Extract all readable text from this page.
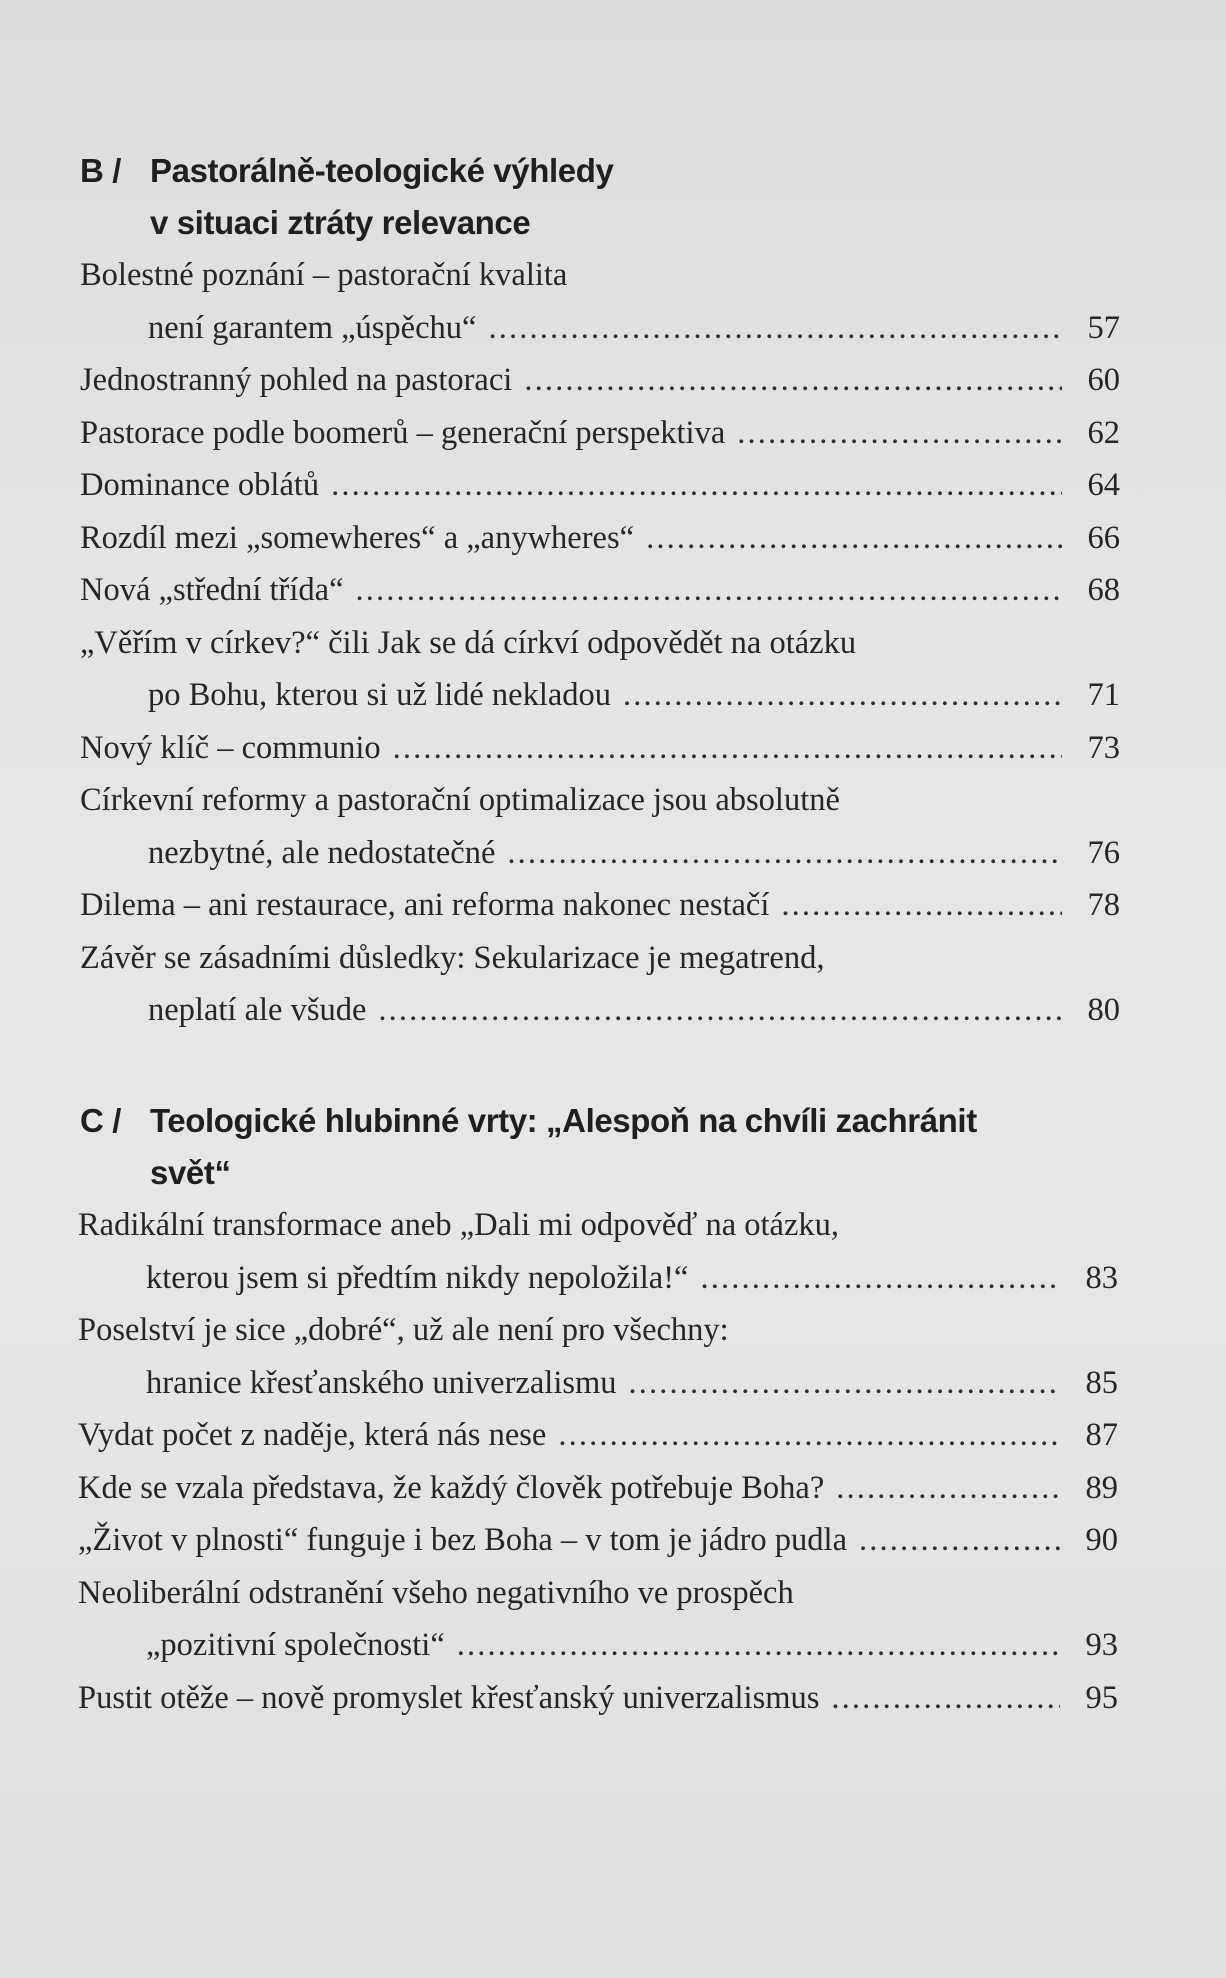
B / Pastorálně-teologické výhledy
v situaci ztráty relevance
Bolestné poznání – pastorační kvalita
není garantem „úspěchu“ . . .	57
Jednostranný pohled na pastoraci . . .	60
Pastorace podle boomerů – generační perspektiva . . .	62
Dominance oblátů . . .	64
Rozdíl mezi „somewheres“ a „anywheres“ . . .	66
Nová „střední třída“ . . .	68
„Věřím v církev?“ čili Jak se dá církví odpovědět na otázku
po Bohu, kterou si už lidé nekladou . . .	71
Nový klíč – communio . . .	73
Církevní reformy a pastorační optimalizace jsou absolutně
nezbytné, ale nedostatečné . . .	76
Dilema – ani restaurace, ani reforma nakonec nestačí . . .	78
Závěr se zásadními důsledky: Sekularizace je megatrend,
neplatí ale všude . . .	80
C / Teologické hlubinné vrty: „Alespoň na chvíli zachránit svět“
Radikální transformace aneb „Dali mi odpověď na otázku,
kterou jsem si předtím nikdy nepoložila!“ . . .	83
Poselství je sice „dobré“, už ale není pro všechny:
hranice křesťanského univerzalismu . . .	85
Vydat počet z naděje, která nás nese . . .	87
Kde se vzala představa, že každý člověk potřebuje Boha? . . .	89
„Život v plnosti“ funguje i bez Boha – v tom je jádro pudla . . .	90
Neoliberální odstranění všeho negativního ve prospěch
„pozitivní společnosti“ . . .	93
Pustit otěže – nově promyslet křesťanský univerzalismus . . .	95
